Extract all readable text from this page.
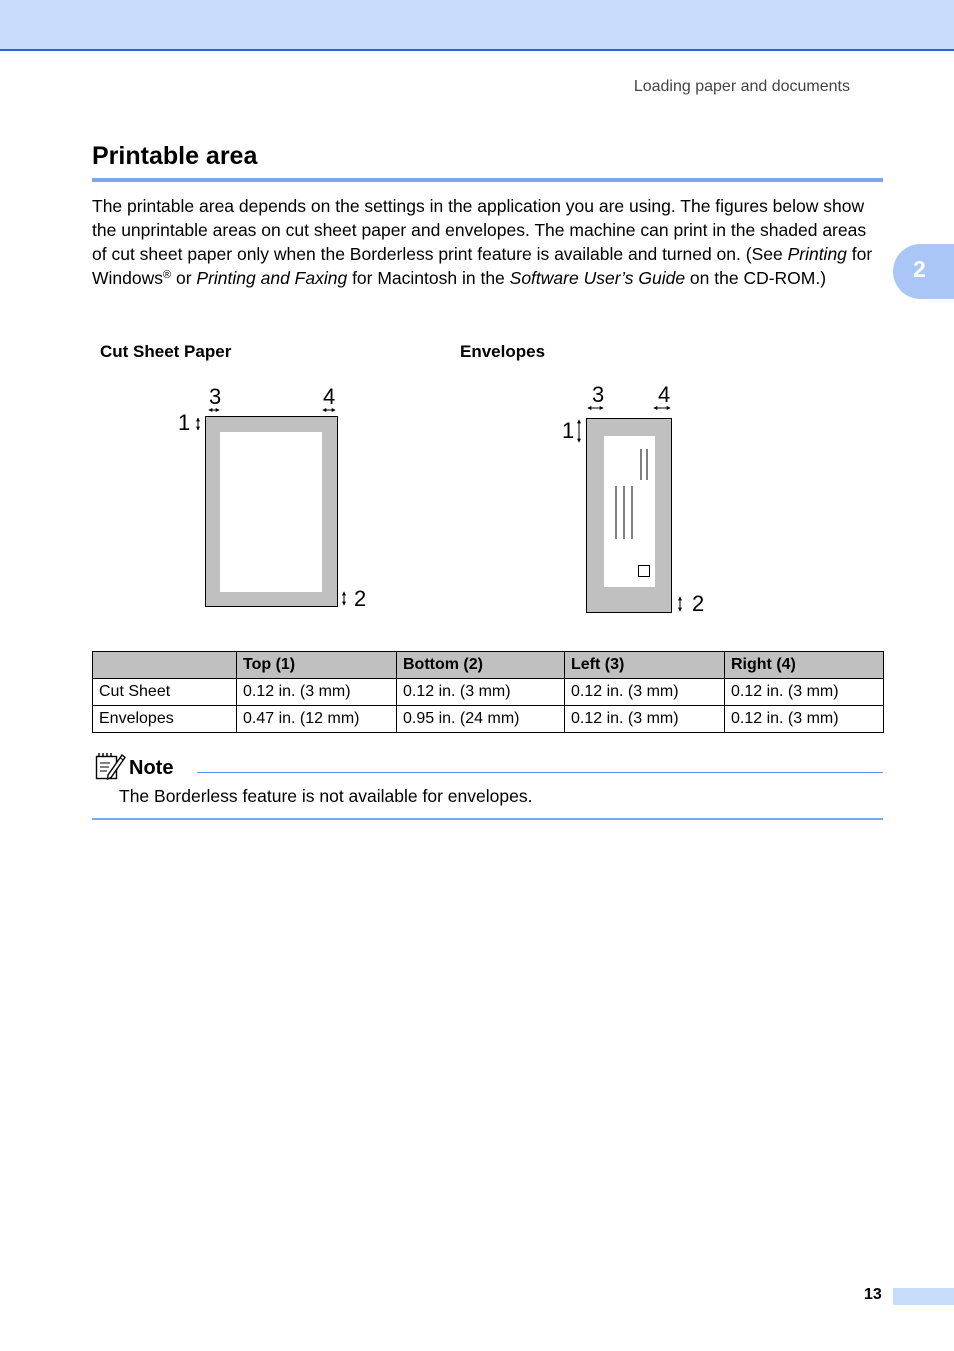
Loading paper and documents
2
Printable area

The printable area depends on the settings in the application you are using. The figures below show the unprintable areas on cut sheet paper and envelopes. The machine can print in the shaded areas of cut sheet paper only when the Borderless print feature is available and turned on. (See Printing for Windows® or Printing and Faxing for Macintosh in the Software User’s Guide on the CD-ROM.)

Cut Sheet Paper	Envelopes
3	4
1
2
3 4
1
2
	Top (1)	Bottom (2)	Left (3)	Right (4)
Cut Sheet	0.12 in. (3 mm)	0.12 in. (3 mm)	0.12 in. (3 mm)	0.12 in. (3 mm)
Envelopes	0.47 in. (12 mm)	0.95 in. (24 mm)	0.12 in. (3 mm)	0.12 in. (3 mm)
Note
The Borderless feature is not available for envelopes.
13
